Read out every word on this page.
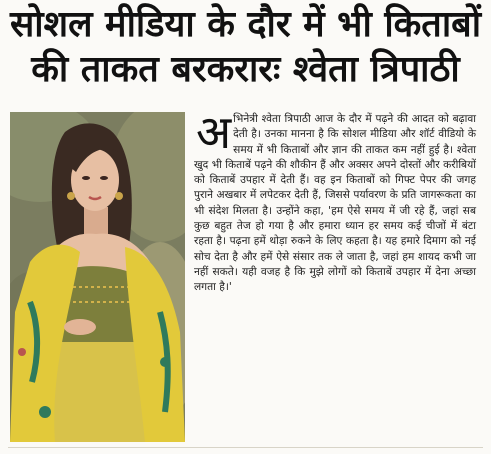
सोशल मीडिया के दौर में भी किताबों
की ताकत बरकरारः श्वेता त्रिपाठी
अ भिनेत्री श्वेता त्रिपाठी आज के दौर में पढ़ने की आदत को बढ़ावा देती है। उनका मानना है कि सोशल मीडिया और शॉर्ट वीडियो के समय में भी किताबों और ज्ञान की ताकत कम नहीं हुई है। श्वेता खुद भी किताबें पढ़ने की शौकीन हैं और अक्सर अपने दोस्तों और करीबियों को किताबें उपहार में देती हैं। वह इन किताबों को गिफ्ट पेपर की जगह पुराने अखबार में लपेटकर देती हैं, जिससे पर्यावरण के प्रति जागरूकता का भी संदेश मिलता है। उन्होंने कहा, 'हम ऐसे समय में जी रहे हैं, जहां सब कुछ बहुत तेज हो गया है और हमारा ध्यान हर समय कई चीजों में बंटा रहता है। पढ़ना हमें थोड़ा रुकने के लिए कहता है। यह हमारे दिमाग को नई सोच देता है और हमें ऐसे संसार तक ले जाता है, जहां हम शायद कभी जा नहीं सकते। यही वजह है कि मुझे लोगों को किताबें उपहार में देना अच्छा लगता है।'
